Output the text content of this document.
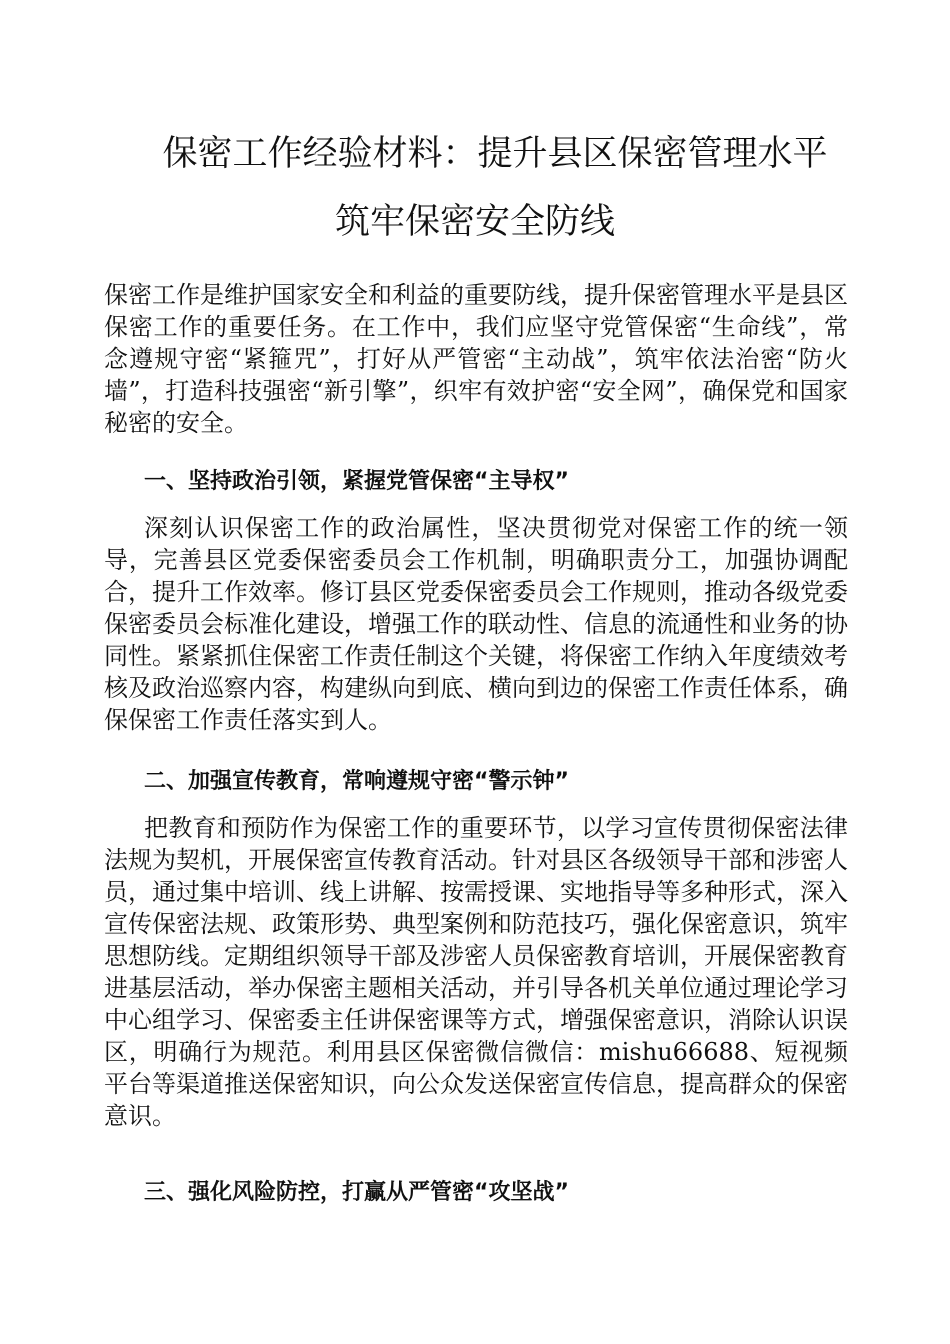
保密工作经验材料：提升县区保密管理水平
筑牢保密安全防线

保密工作是维护国家安全和利益的重要防线，提升保密管理水平是县区保密工作的重要任务。在工作中，我们应坚守党管保密“生命线”，常念遵规守密“紧箍咒”，打好从严管密“主动战”，筑牢依法治密“防火墙”，打造科技强密“新引擎”，织牢有效护密“安全网”，确保党和国家秘密的安全。

一、坚持政治引领，紧握党管保密“主导权”

深刻认识保密工作的政治属性，坚决贯彻党对保密工作的统一领导，完善县区党委保密委员会工作机制，明确职责分工，加强协调配合，提升工作效率。修订县区党委保密委员会工作规则，推动各级党委保密委员会标准化建设，增强工作的联动性、信息的流通性和业务的协同性。紧紧抓住保密工作责任制这个关键，将保密工作纳入年度绩效考核及政治巡察内容，构建纵向到底、横向到边的保密工作责任体系，确保保密工作责任落实到人。

二、加强宣传教育，常响遵规守密“警示钟”

把教育和预防作为保密工作的重要环节，以学习宣传贯彻保密法律法规为契机，开展保密宣传教育活动。针对县区各级领导干部和涉密人员，通过集中培训、线上讲解、按需授课、实地指导等多种形式，深入宣传保密法规、政策形势、典型案例和防范技巧，强化保密意识，筑牢思想防线。定期组织领导干部及涉密人员保密教育培训，开展保密教育进基层活动，举办保密主题相关活动，并引导各机关单位通过理论学习中心组学习、保密委主任讲保密课等方式，增强保密意识，消除认识误区，明确行为规范。利用县区保密微信微信：mishu66688、短视频平台等渠道推送保密知识，向公众发送保密宣传信息，提高群众的保密意识。

三、强化风险防控，打赢从严管密“攻坚战”
